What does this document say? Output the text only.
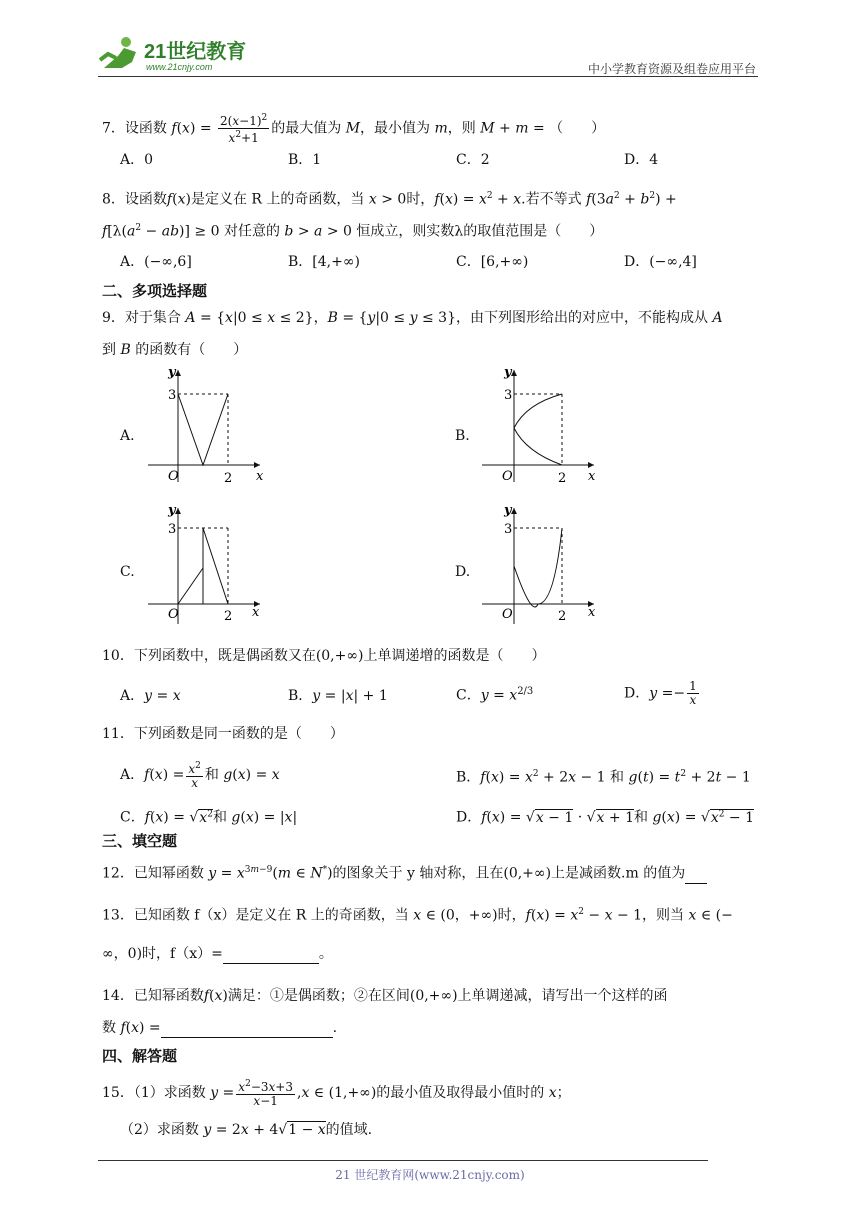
21世纪教育
www.21cnjy.com	中小学教育资源及组卷应用平台
7．设函数 $f(x) = \frac{2(x-1)^2}{x^2+1}$ 的最大值为 M，最小值为 m，则 M + m = （　　）
A．0	B．1	C．2	D．4
8．设函数f(x)是定义在 R 上的奇函数，当 x > 0时，$f(x) = x^2 + x$.若不等式 $f(3a^2 + b^2)$ +
$f[\lambda(a^2 - ab)] \ge 0$ 对任意的 b > a > 0 恒成立，则实数λ的取值范围是（　　）
A．(−∞,6]	B．[4,+∞)	C．[6,+∞)	D．(−∞,4]
二、多项选择题
9．对于集合 A = {x|0 ≤ x ≤ 2}，B = {y|0 ≤ y ≤ 3}，由下列图形给出的对应中，不能构成从 A
到 B 的函数有（　　）
A.	B.
C.	D.
O	2 x
3
y
O	2 x
3
y
O	2 x
3
y
O	2 x
3
y
10．下列函数中，既是偶函数又在(0,+∞)上单调递增的函数是（　　）
A．y = x	B．y = |x| + 1	C．$y = x^{2/3}$	D．$y =- \frac{1}{x}$
11．下列函数是同一函数的是（　　）
A．$f(x) = \frac{x^2}{x}$ 和 g(x) = x	B．$f(x) = x^2 + 2x - 1$ 和 $g(t) = t^2 + 2t - 1$
C．$f(x) = √x^2$和 g(x) = |x|	D．f(x) = √x − 1 · √x + 1和 $g(x) = √x^2 - 1$
三、填空题
12．已知幂函数 $y = x^{3m-9}(m$ ∈ N*)的图象关于 y 轴对称，且在(0,+∞)上是减函数.m 的值为
13．已知函数 f（x）是定义在 R 上的奇函数，当 x ∈ (0，+∞)时，$f(x) = x^2 - x - 1$，则当 x ∈ (−
∞，0)时，f（x）=	。
14．已知幂函数f(x)满足：①是偶函数；②在区间(0,+∞)上单调递减，请写出一个这样的函
数 f(x) =	.
四、解答题
15．（1）求函数 $y = \frac{x^2-3x+3}{x-1} ,x$ ∈ (1,+∞)的最小值及取得最小值时的 x；
（2）求函数 y = 2x + 4√1 − x的值域.
21 世纪教育网(www.21cnjy.com)
